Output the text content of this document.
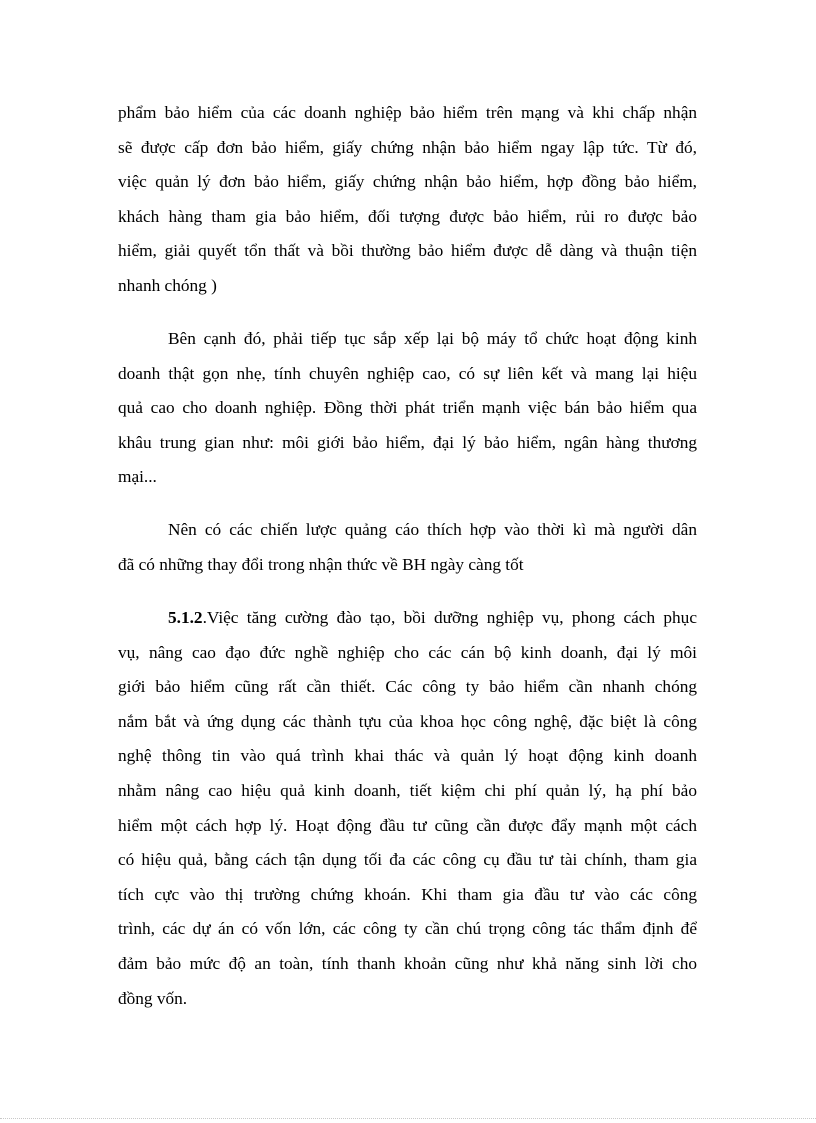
phẩm bảo hiểm của các doanh nghiệp bảo hiểm trên mạng và khi chấp nhận
sẽ được cấp đơn bảo hiểm, giấy chứng nhận bảo hiểm ngay lập tức. Từ đó,
việc quản lý đơn bảo hiểm, giấy chứng nhận bảo hiểm, hợp đồng bảo hiểm,
khách hàng tham gia bảo hiểm, đối tượng được bảo hiểm, rủi ro được bảo
hiểm, giải quyết tổn thất và bồi thường bảo hiểm được dễ dàng và thuận tiện
nhanh chóng )
Bên cạnh đó, phải tiếp tục sắp xếp lại bộ máy tổ chức hoạt động kinh
doanh thật gọn nhẹ, tính chuyên nghiệp cao, có sự liên kết và mang lại hiệu
quả cao cho doanh nghiệp. Đồng thời phát triển mạnh việc bán bảo hiểm qua
khâu trung gian như: môi giới bảo hiểm, đại lý bảo hiểm, ngân hàng thương
mại...
Nên có các chiến lược quảng cáo thích hợp vào thời kì mà người dân
đã có những thay đổi trong nhận thức về BH ngày càng tốt
5.1.2.Việc tăng cường đào tạo, bồi dưỡng nghiệp vụ, phong cách phục
vụ, nâng cao đạo đức nghề nghiệp cho các cán bộ kinh doanh, đại lý môi
giới bảo hiểm cũng rất cần thiết. Các công ty bảo hiểm cần nhanh chóng
nắm bắt và ứng dụng các thành tựu của khoa học công nghệ, đặc biệt là công
nghệ thông tin vào quá trình khai thác và quản lý hoạt động kinh doanh
nhằm nâng cao hiệu quả kinh doanh, tiết kiệm chi phí quản lý, hạ phí bảo
hiểm một cách hợp lý. Hoạt động đầu tư cũng cần được đẩy mạnh một cách
có hiệu quả, bằng cách tận dụng tối đa các công cụ đầu tư tài chính, tham gia
tích cực vào thị trường chứng khoán. Khi tham gia đầu tư vào các công
trình, các dự án có vốn lớn, các công ty cần chú trọng công tác thẩm định để
đảm bảo mức độ an toàn, tính thanh khoản cũng như khả năng sinh lời cho
đồng vốn.
